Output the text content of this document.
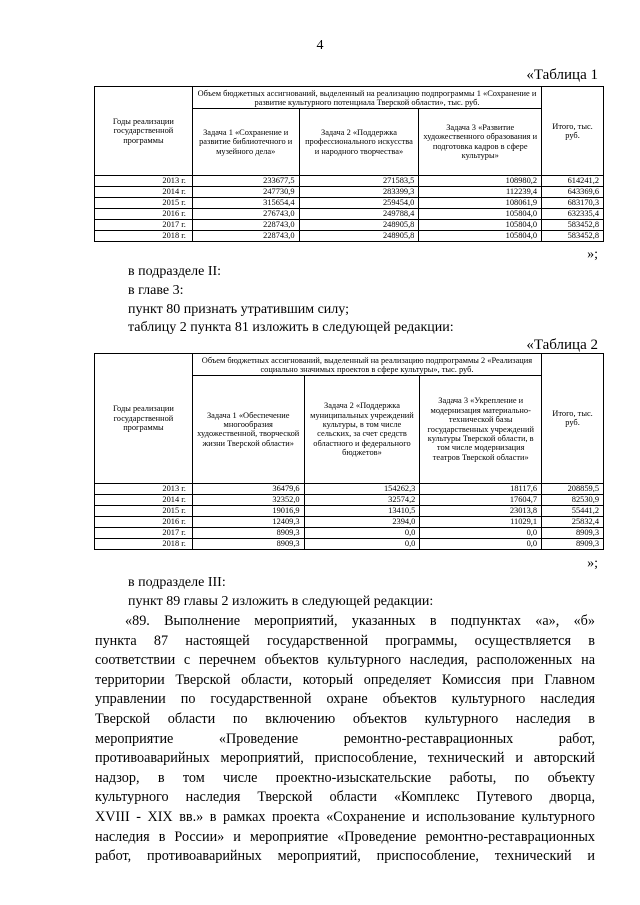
4
«Таблица 1
Годы реализации государственной программы	Объем бюджетных ассигнований, выделенный на реализацию подпрограммы 1 «Сохранение и развитие культурного потенциала Тверской области», тыс. руб.			Итого, тыс. руб.
	Задача 1 «Сохранение и развитие библиотечного и музейного дела»	Задача 2 «Поддержка профессионального искусства и народного творчества»	Задача 3 «Развитие художественного образования и подготовка кадров в сфере культуры»	
2013 г.	233677,5	271583,5	108980,2	614241,2
2014 г.	247730,9	283399,3	112239,4	643369,6
2015 г.	315654,4	259454,0	108061,9	683170,3
2016 г.	276743,0	249788,4	105804,0	632335,4
2017 г.	228743,0	248905,8	105804,0	583452,8
2018 г.	228743,0	248905,8	105804,0	583452,8
»;
в подразделе II:
в главе 3:
пункт 80 признать утратившим силу;
таблицу 2 пункта 81 изложить в следующей редакции:
«Таблица 2
Годы реализации государственной программы	Объем бюджетных ассигнований, выделенный на реализацию подпрограммы 2 «Реализация социально значимых проектов в сфере культуры», тыс. руб.			Итого, тыс. руб.
	Задача 1 «Обеспечение многообразия художественной, творческой жизни Тверской области»	Задача 2 «Поддержка муниципальных учреждений культуры, в том числе сельских, за счет средств областного и федерального бюджетов»	Задача 3 «Укрепление и модернизация материально-технической базы государственных учреждений культуры Тверской области, в том числе модернизация театров Тверской области»	
2013 г.	36479,6	154262,3	18117,6	208859,5
2014 г.	32352,0	32574,2	17604,7	82530,9
2015 г.	19016,9	13410,5	23013,8	55441,2
2016 г.	12409,3	2394,0	11029,1	25832,4
2017 г.	8909,3	0,0	0,0	8909,3
2018 г.	8909,3	0,0	0,0	8909,3
»;
в подразделе III:
пункт 89 главы 2 изложить в следующей редакции:
«89. Выполнение мероприятий, указанных в подпунктах «а», «б»
пункта 87 настоящей государственной программы, осуществляется в
соответствии с перечнем объектов культурного наследия, расположенных на
территории Тверской области, который определяет Комиссия при Главном
управлении по государственной охране объектов культурного наследия
Тверской области по включению объектов культурного наследия в
мероприятие «Проведение ремонтно-реставрационных работ,
противоаварийных мероприятий, приспособление, технический и авторский
надзор, в том числе проектно-изыскательские работы, по объекту
культурного наследия Тверской области «Комплекс Путевого дворца,
XVIII - XIX вв.» в рамках проекта «Сохранение и использование культурного
наследия в России» и мероприятие «Проведение ремонтно-реставрационных
работ, противоаварийных мероприятий, приспособление, технический и
